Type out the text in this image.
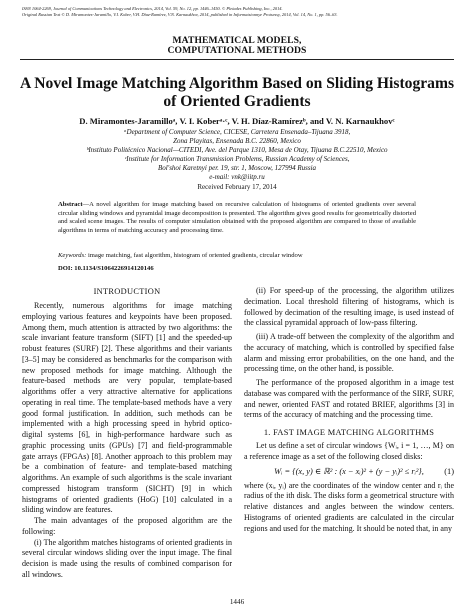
ISSN 1064-2269, Journal of Communications Technology and Electronics, 2014, Vol. 59, No. 12, pp. 1446–1450. © Pleiades Publishing, Inc., 2014.
Original Russian Text © D. Miramontes-Jaramillo, V.I. Kober, V.H. Díaz-Ramírez, V.N. Karnaukhov, 2014, published in Informatsionnye Protsessy, 2014, Vol. 14, No. 1, pp. 56–63.
MATHEMATICAL MODELS,
COMPUTATIONAL METHODS
A Novel Image Matching Algorithm Based on Sliding Histograms
of Oriented Gradients
D. Miramontes-Jaramilloᵃ, V. I. Koberᵃ·ᶜ, V. H. Díaz-Ramírezᵇ, and V. N. Karnaukhovᶜ
ᵃDepartment of Computer Science, CICESE, Carretera Ensenada–Tijuana 3918,
Zona Playitas, Ensenada B.C. 22860, Mexico
ᵇInstituto Politécnico Nacional—CITEDI, Ave. del Parque 1310, Mesa de Otay, Tijuana B.C.22510, Mexico
ᶜInstitute for Information Transmission Problems, Russian Academy of Sciences,
Bol'shoi Karetnyi per. 19, str. 1, Moscow, 127994 Russia
e-mail: vnk@iitp.ru
Received February 17, 2014
Abstract—A novel algorithm for image matching based on recursive calculation of histograms of oriented gradients over several circular sliding windows and pyramidal image decomposition is presented. The algorithm gives good results for geometrically distorted and scaled scene images. The results of computer simulation obtained with the proposed algorithm are compared to those of available algorithms in terms of matching accuracy and processing time.
Keywords: image matching, fast algorithm, histogram of oriented gradients, circular window
DOI: 10.1134/S1064226914120146
INTRODUCTION

Recently, numerous algorithms for image matching employing various features and keypoints have been proposed. Among them, much attention is attracted by two algorithms: the scale invariant feature transform (SIFT) [1] and the speeded-up robust features (SURF) [2]. These algorithms and their variants [3–5] may be considered as benchmarks for the comparison with new proposed methods for image matching. Although the feature-based methods are very popular, template-based algorithms offer a very attractive alternative for applications operating in real time. The template-based methods have a very good formal justification. In addition, such methods can be implemented with a high processing speed in hybrid optico-digital systems [6], in high-performance hardware such as graphic processing units (GPUs) [7] and field-programmable gate arrays (FPGAs) [8]. Another approach to this problem may be a combination of feature- and template-based matching algorithms. An example of such algorithms is the scale invariant compressed histogram transform (SICHT) [9] in which histograms of oriented gradients (HoG) [10] calculated in a sliding window are features.

The main advantages of the proposed algorithm are the following:

(i) The algorithm matches histograms of oriented gradients in several circular windows sliding over the input image. The final decision is made using the results of combined comparison for all windows.

(ii) For speed-up of the processing, the algorithm utilizes decimation. Local threshold filtering of histograms, which is followed by decimation of the resulting image, is used instead of the classical pyramidal approach of low-pass filtering.

(iii) A trade-off between the complexity of the algorithm and the accuracy of matching, which is controlled by specified false alarm and missing error probabilities, on the one hand, and the processing time, on the other hand, is possible.

The performance of the proposed algorithm in a image test database was compared with the performance of the SIRF, SURF, and newer, oriented FAST and rotated BRIEF, algorithms [3] in terms of the accuracy of matching and the processing time.

1. FAST IMAGE MATCHING ALGORITHMS

Let us define a set of circular windows {Wᵢ, i = 1, …, M} on a reference image as a set of the following closed disks:

Wᵢ = {(x, y) ∈ ℝ² : (x − xᵢ)² + (y − yᵢ)² ≤ rᵢ²}, (1)

where (xᵢ, yᵢ) are the coordinates of the window center and rᵢ the radius of the ith disk. The disks form a geometrical structure with relative distances and angles between the window centers. Histograms of oriented gradients are calculated in the circular regions and used for the matching. It should be noted that, in any

1446
